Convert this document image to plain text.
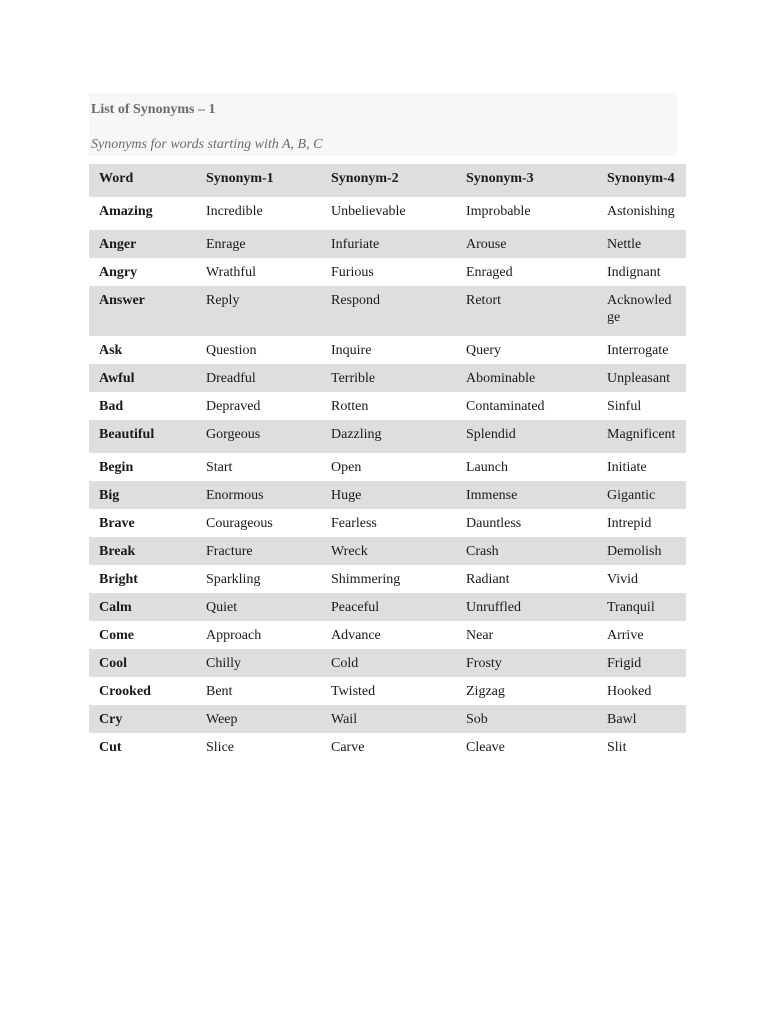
List of Synonyms – 1
Synonyms for words starting with A, B, C
Word	Synonym-1	Synonym-2	Synonym-3	Synonym-4
Amazing	Incredible	Unbelievable	Improbable	Astonishing
Anger	Enrage	Infuriate	Arouse	Nettle
Angry	Wrathful	Furious	Enraged	Indignant
Answer	Reply	Respond	Retort	Acknowledge
Ask	Question	Inquire	Query	Interrogate
Awful	Dreadful	Terrible	Abominable	Unpleasant
Bad	Depraved	Rotten	Contaminated	Sinful
Beautiful	Gorgeous	Dazzling	Splendid	Magnificent
Begin	Start	Open	Launch	Initiate
Big	Enormous	Huge	Immense	Gigantic
Brave	Courageous	Fearless	Dauntless	Intrepid
Break	Fracture	Wreck	Crash	Demolish
Bright	Sparkling	Shimmering	Radiant	Vivid
Calm	Quiet	Peaceful	Unruffled	Tranquil
Come	Approach	Advance	Near	Arrive
Cool	Chilly	Cold	Frosty	Frigid
Crooked	Bent	Twisted	Zigzag	Hooked
Cry	Weep	Wail	Sob	Bawl
Cut	Slice	Carve	Cleave	Slit
